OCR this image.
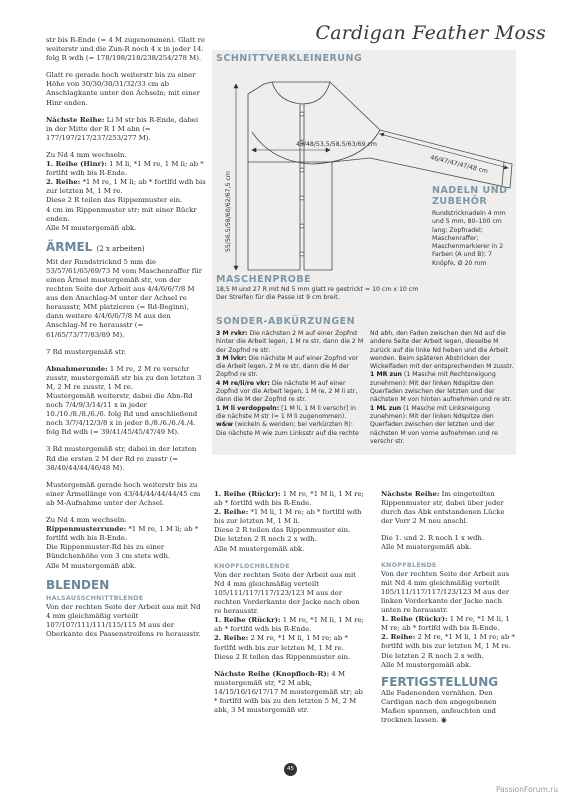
Cardigan Feather Moss

str bis R-Ende (= 4 M zugenommen). Glatt re weiterstr und die Zun-R noch 4 x in jeder 14. folg R wdh (= 178/198/218/238/254/278 M).

Glatt re gerade hoch weiterstr bis zu einer Höhe von 30/30/30/31/32/33 cm ab Anschlagkante unter den Achseln; mit einer Hinr enden.

Nächste Reihe: Li M str bis R-Ende, dabei in der Mitte der R 1 M abn (= 177/197/217/237/253/277 M).

Zu Nd 4 mm wechseln.
1. Reihe (Hinr): 1 M li, *1 M re, 1 M li; ab * fortlfd wdh bis R-Ende.
2. Reihe: *1 M re, 1 M li; ab * fortlfd wdh bis zur letzten M, 1 M re.
Diese 2 R teilen das Rippenmuster ein.
4 cm im Rippenmuster str; mit einer Rückr enden.
Alle M mustergemäß abk.

ÄRMEL (2 x arbeiten)

Mit der Rundstricknd 5 mm die 53/57/61/65/69/73 M vom Maschenraffer für einen Ärmel mustergemäß str, von der rechten Seite der Arbeit aus 4/4/6/6/7/8 M aus den Anschlag-M unter der Achsel re herausstr, MM platzieren (= Rd-Beginn), dann weitere 4/4/6/6/7/8 M aus den Anschlag-M re herausstr (= 61/65/73/77/83/89 M).

7 Rd mustergemäß str.

Abnahmerunde: 1 M re, 2 M re verschr zusstr, mustergemäß str bis zu den letzten 3 M, 2 M re zusstr, 1 M re.
Mustergemäß weiterstr, dabei die Abn-Rd noch 7/4/9/3/14/11 x in jeder 10./10./8./8./6./6. folg Rd und anschließend noch 3/7/4/12/3/8 x in jeder 8./8./6./6./4./4. folg Rd wdh (= 39/41/45/45/47/49 M).

3 Rd mustergemäß str, dabei in der letzten Rd die ersten 2 M der Rd re zusstr (= 38/40/44/44/46/48 M).

Mustergemäß gerade hoch weiterstr bis zu einer Ärmellänge von 43/44/44/44/44/45 cm ab M-Aufnahme unter der Achsel.

Zu Nd 4 mm wechseln.
Rippenmusterrunde: *1 M re, 1 M li; ab * fortlfd wdh bis R-Ende.
Die Rippenmuster-Rd bis zu einer Bündchenhöhe von 3 cm stets wdh.
Alle M mustergemäß abk.

BLENDEN
HALSAUSSCHNITTBLENDE

Von der rechten Seite der Arbeit aus mit Nd 4 mm gleichmäßig verteilt 107/107/111/111/115/115 M aus der Oberkante des Passenstreifens re herausstr.

SCHNITTVERKLEINERUNG
43/48/53,5/58,5/63/69 cm
46/47/47/47/48 cm
55/56,5/58/60/62/67,5 cm	NADELN UND ZUBEHÖR
Rundstricknadeln 4 mm und 5 mm, 80–100 cm lang; Zopfnadel; Maschenraffer; Maschenmarkierer in 2 Farben (A und B); 7 Knöpfe, Ø 20 mm
MASCHENPROBE
18,5 M und 27 R mit Nd 5 mm glatt re gestrickt = 10 cm x 10 cm
Der Streifen für die Passe ist 9 cm breit.
SONDER-ABKÜRZUNGEN
3 M rvkr: Die nächsten 2 M auf einer Zopfnd hinter die Arbeit legen, 1 M re str, dann die 2 M der Zopfnd re str.
3 M lvkr: Die nächste M auf einer Zopfnd vor die Arbeit legen, 2 M re str, dann die M der Zopfnd re str.
4 M re/li/re vkr: Die nächste M auf einer Zopfnd vor die Arbeit legen, 1 M re, 2 M li str, dann die M der Zopfnd re str.
1 M li verdoppeln: [1 M li, 1 M li verschr] in die nächste M str (= 1 M li zugenommen).
w&w (wickeln & wenden; bei verkürzten R): Die nächste M wie zum Linksstr auf die rechte
Nd abh, den Faden zwischen den Nd auf die andere Seite der Arbeit legen, dieselbe M zurück auf die linke Nd heben und die Arbeit wenden. Beim späteren Abstricken der Wickelfaden mit der entsprechenden M zusstr.
1 MR zun (1 Masche mit Rechtsneigung zunehmen): Mit der linken Ndspitze den Querfaden zwischen der letzten und der nächsten M von hinten aufnehmen und re str.
1 ML zun (1 Masche mit Linksneigung zunehmen): Mit der linken Ndspitze den Querfaden zwischen der letzten und der nächsten M von vorne aufnehmen und re verschr str.

1. Reihe (Rückr): 1 M re, *1 M li, 1 M re; ab * fortlfd wdh bis R-Ende.
2. Reihe: *1 M li, 1 M re; ab * fortlfd wdh bis zur letzten M, 1 M li.
Diese 2 R teilen das Rippenmuster ein.
Die letzten 2 R noch 2 x wdh.
Alle M mustergemäß abk.

KNOPFLOCHBLENDE

Von der rechten Seite der Arbeit aus mit Nd 4 mm gleichmäßig verteilt 105/111/117/117/123/123 M aus der rechten Vorderkante der Jacke nach oben re herausstr.
1. Reihe (Rückr): 1 M re, *1 M li, 1 M re; ab * fortlfd wdh bis R-Ende.
2. Reihe: 2 M re, *1 M li, 1 M re; ab * fortlfd wdh bis zur letzten M, 1 M re.
Diese 2 R teilen das Rippenmuster ein.

Nächste Reihe (Knopfloch-R): 4 M mustergemäß str, *2 M abk, 14/15/16/16/17/17 M mustergemäß str; ab * fortlfd wdh bis zu den letzten 5 M, 2 M abk, 3 M mustergemäß str.

Nächste Reihe: Im eingeteilten Rippenmuster str, dabei über jeder durch das Abk entstandenen Lücke der Vorr 2 M neu anschl.

Die 1. und 2. R noch 1 x wdh.
Alle M mustergemäß abk.

KNOPFBLENDE

Von der rechten Seite der Arbeit aus mit Nd 4 mm gleichmäßig verteilt 105/111/117/117/123/123 M aus der linken Vorderkante der Jacke nach unten re herausstr.
1. Reihe (Rückr): 1 M re, *1 M li, 1 M re; ab * fortlfd wdh bis R-Ende.
2. Reihe: 2 M re, *1 M li, 1 M re; ab * fortlfd wdh bis zur letzten M, 1 M re.
Die letzten 2 R noch 2 x wdh.
Alle M mustergemäß abk.

FERTIGSTELLUNG

Alle Fadenenden vernähen. Den Cardigan nach den angegebenen Maßen spannen, anfeuchten und trocknen lassen. ◉

45
PassionForum.ru
